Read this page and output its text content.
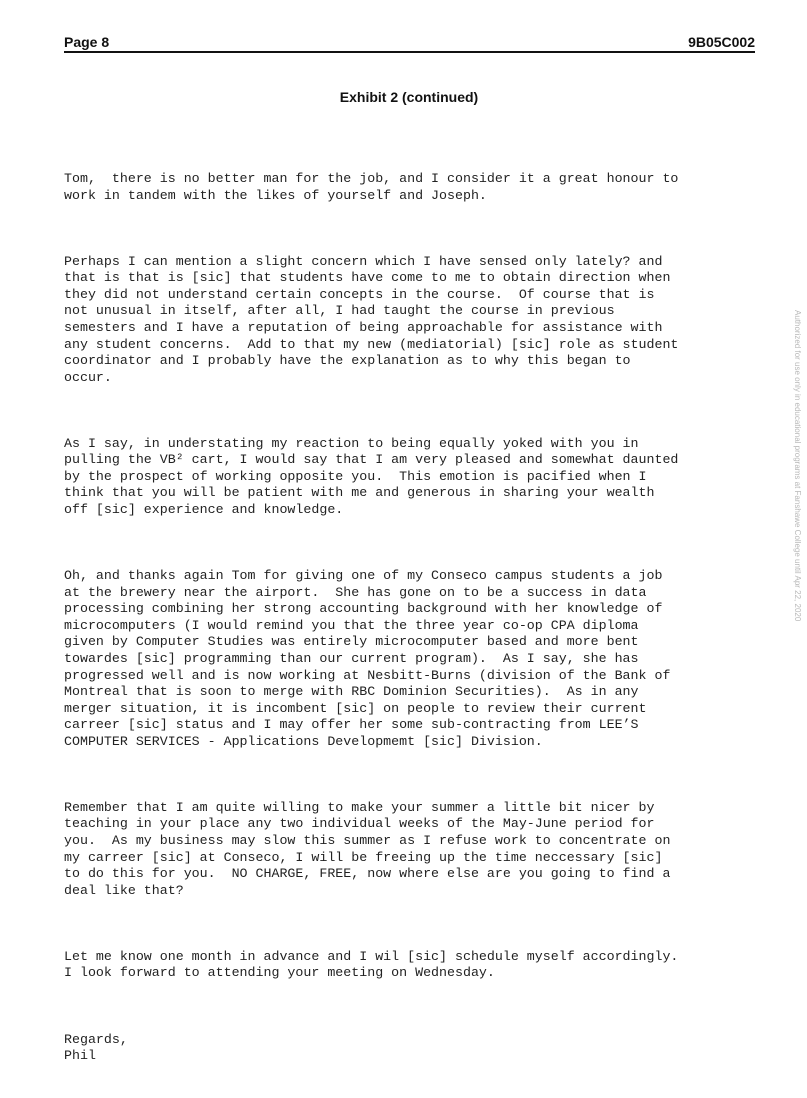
Page 8	9B05C002
Exhibit 2 (continued)

Tom,  there is no better man for the job, and I consider it a great honour to
work in tandem with the likes of yourself and Joseph.

Perhaps I can mention a slight concern which I have sensed only lately? and
that is that is [sic] that students have come to me to obtain direction when
they did not understand certain concepts in the course.  Of course that is
not unusual in itself, after all, I had taught the course in previous
semesters and I have a reputation of being approachable for assistance with
any student concerns.  Add to that my new (mediatorial) [sic] role as student
coordinator and I probably have the explanation as to why this began to
occur.

As I say, in understating my reaction to being equally yoked with you in
pulling the VB² cart, I would say that I am very pleased and somewhat daunted
by the prospect of working opposite you.  This emotion is pacified when I
think that you will be patient with me and generous in sharing your wealth
off [sic] experience and knowledge.

Oh, and thanks again Tom for giving one of my Conseco campus students a job
at the brewery near the airport.  She has gone on to be a success in data
processing combining her strong accounting background with her knowledge of
microcomputers (I would remind you that the three year co-op CPA diploma
given by Computer Studies was entirely microcomputer based and more bent
towardes [sic] programming than our current program).  As I say, she has
progressed well and is now working at Nesbitt-Burns (division of the Bank of
Montreal that is soon to merge with RBC Dominion Securities).  As in any
merger situation, it is incombent [sic] on people to review their current
carreer [sic] status and I may offer her some sub-contracting from LEE’S
COMPUTER SERVICES - Applications Developmemt [sic] Division.

Remember that I am quite willing to make your summer a little bit nicer by
teaching in your place any two individual weeks of the May-June period for
you.  As my business may slow this summer as I refuse work to concentrate on
my carreer [sic] at Conseco, I will be freeing up the time neccessary [sic]
to do this for you.  NO CHARGE, FREE, now where else are you going to find a
deal like that?

Let me know one month in advance and I wil [sic] schedule myself accordingly.
I look forward to attending your meeting on Wednesday.

Regards,
Phil

Authorized for use only in educational programs at Fanshawe College until Apr 22, 2020
